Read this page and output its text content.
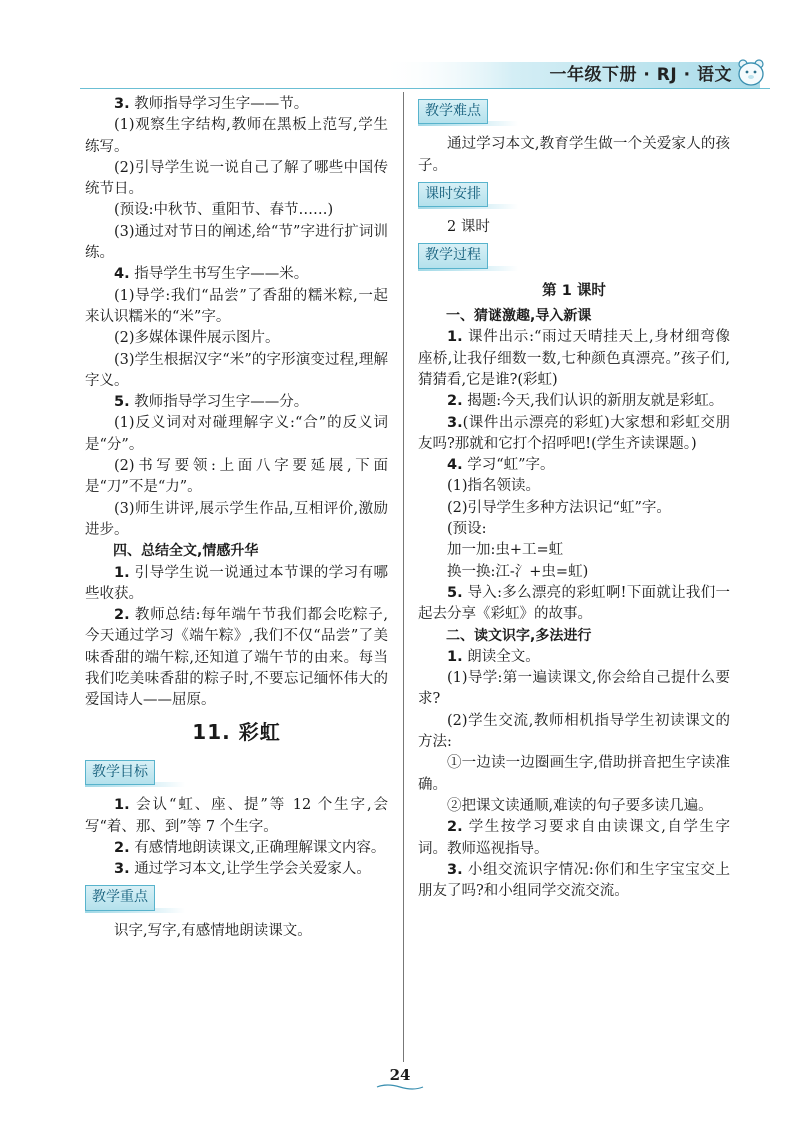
一年级下册 · RJ · 语文

3. 教师指导学习生字——节。

(1)观察生字结构,教师在黑板上范写,学生练写。

(2)引导学生说一说自己了解了哪些中国传统节日。

(预设:中秋节、重阳节、春节……)

(3)通过对节日的阐述,给“节”字进行扩词训练。

4. 指导学生书写生字——米。

(1)导学:我们“品尝”了香甜的糯米粽,一起来认识糯米的“米”字。

(2)多媒体课件展示图片。

(3)学生根据汉字“米”的字形演变过程,理解字义。

5. 教师指导学习生字——分。

(1)反义词对对碰理解字义:“合”的反义词是“分”。

(2)书写要领:上面八字要延展,下面是“刀”不是“力”。

(3)师生讲评,展示学生作品,互相评价,激励进步。

四、总结全文,情感升华

1. 引导学生说一说通过本节课的学习有哪些收获。

2. 教师总结:每年端午节我们都会吃粽子,今天通过学习《端午粽》,我们不仅“品尝”了美味香甜的端午粽,还知道了端午节的由来。每当我们吃美味香甜的粽子时,不要忘记缅怀伟大的爱国诗人——屈原。

11. 彩虹
教学目标

1. 会认“虹、座、提”等 12 个生字,会写“着、那、到”等 7 个生字。

2. 有感情地朗读课文,正确理解课文内容。

3. 通过学习本文,让学生学会关爱家人。

教学重点

识字,写字,有感情地朗读课文。

教学难点

通过学习本文,教育学生做一个关爱家人的孩子。

课时安排

2 课时

教学过程
第 1 课时

一、猜谜激趣,导入新课

1. 课件出示:“雨过天晴挂天上,身材细弯像座桥,让我仔细数一数,七种颜色真漂亮。”孩子们,猜猜看,它是谁?(彩虹)

2. 揭题:今天,我们认识的新朋友就是彩虹。

3.(课件出示漂亮的彩虹)大家想和彩虹交朋友吗?那就和它打个招呼吧!(学生齐读课题。)

4. 学习“虹”字。

(1)指名领读。

(2)引导学生多种方法识记“虹”字。

(预设:

加一加:虫+工=虹

换一换:江-氵+虫=虹)

5. 导入:多么漂亮的彩虹啊!下面就让我们一起去分享《彩虹》的故事。

二、读文识字,多法进行

1. 朗读全文。

(1)导学:第一遍读课文,你会给自己提什么要求?

(2)学生交流,教师相机指导学生初读课文的方法:

①一边读一边圈画生字,借助拼音把生字读准确。

②把课文读通顺,难读的句子要多读几遍。

2. 学生按学习要求自由读课文,自学生字词。教师巡视指导。

3. 小组交流识字情况:你们和生字宝宝交上朋友了吗?和小组同学交流交流。

24
